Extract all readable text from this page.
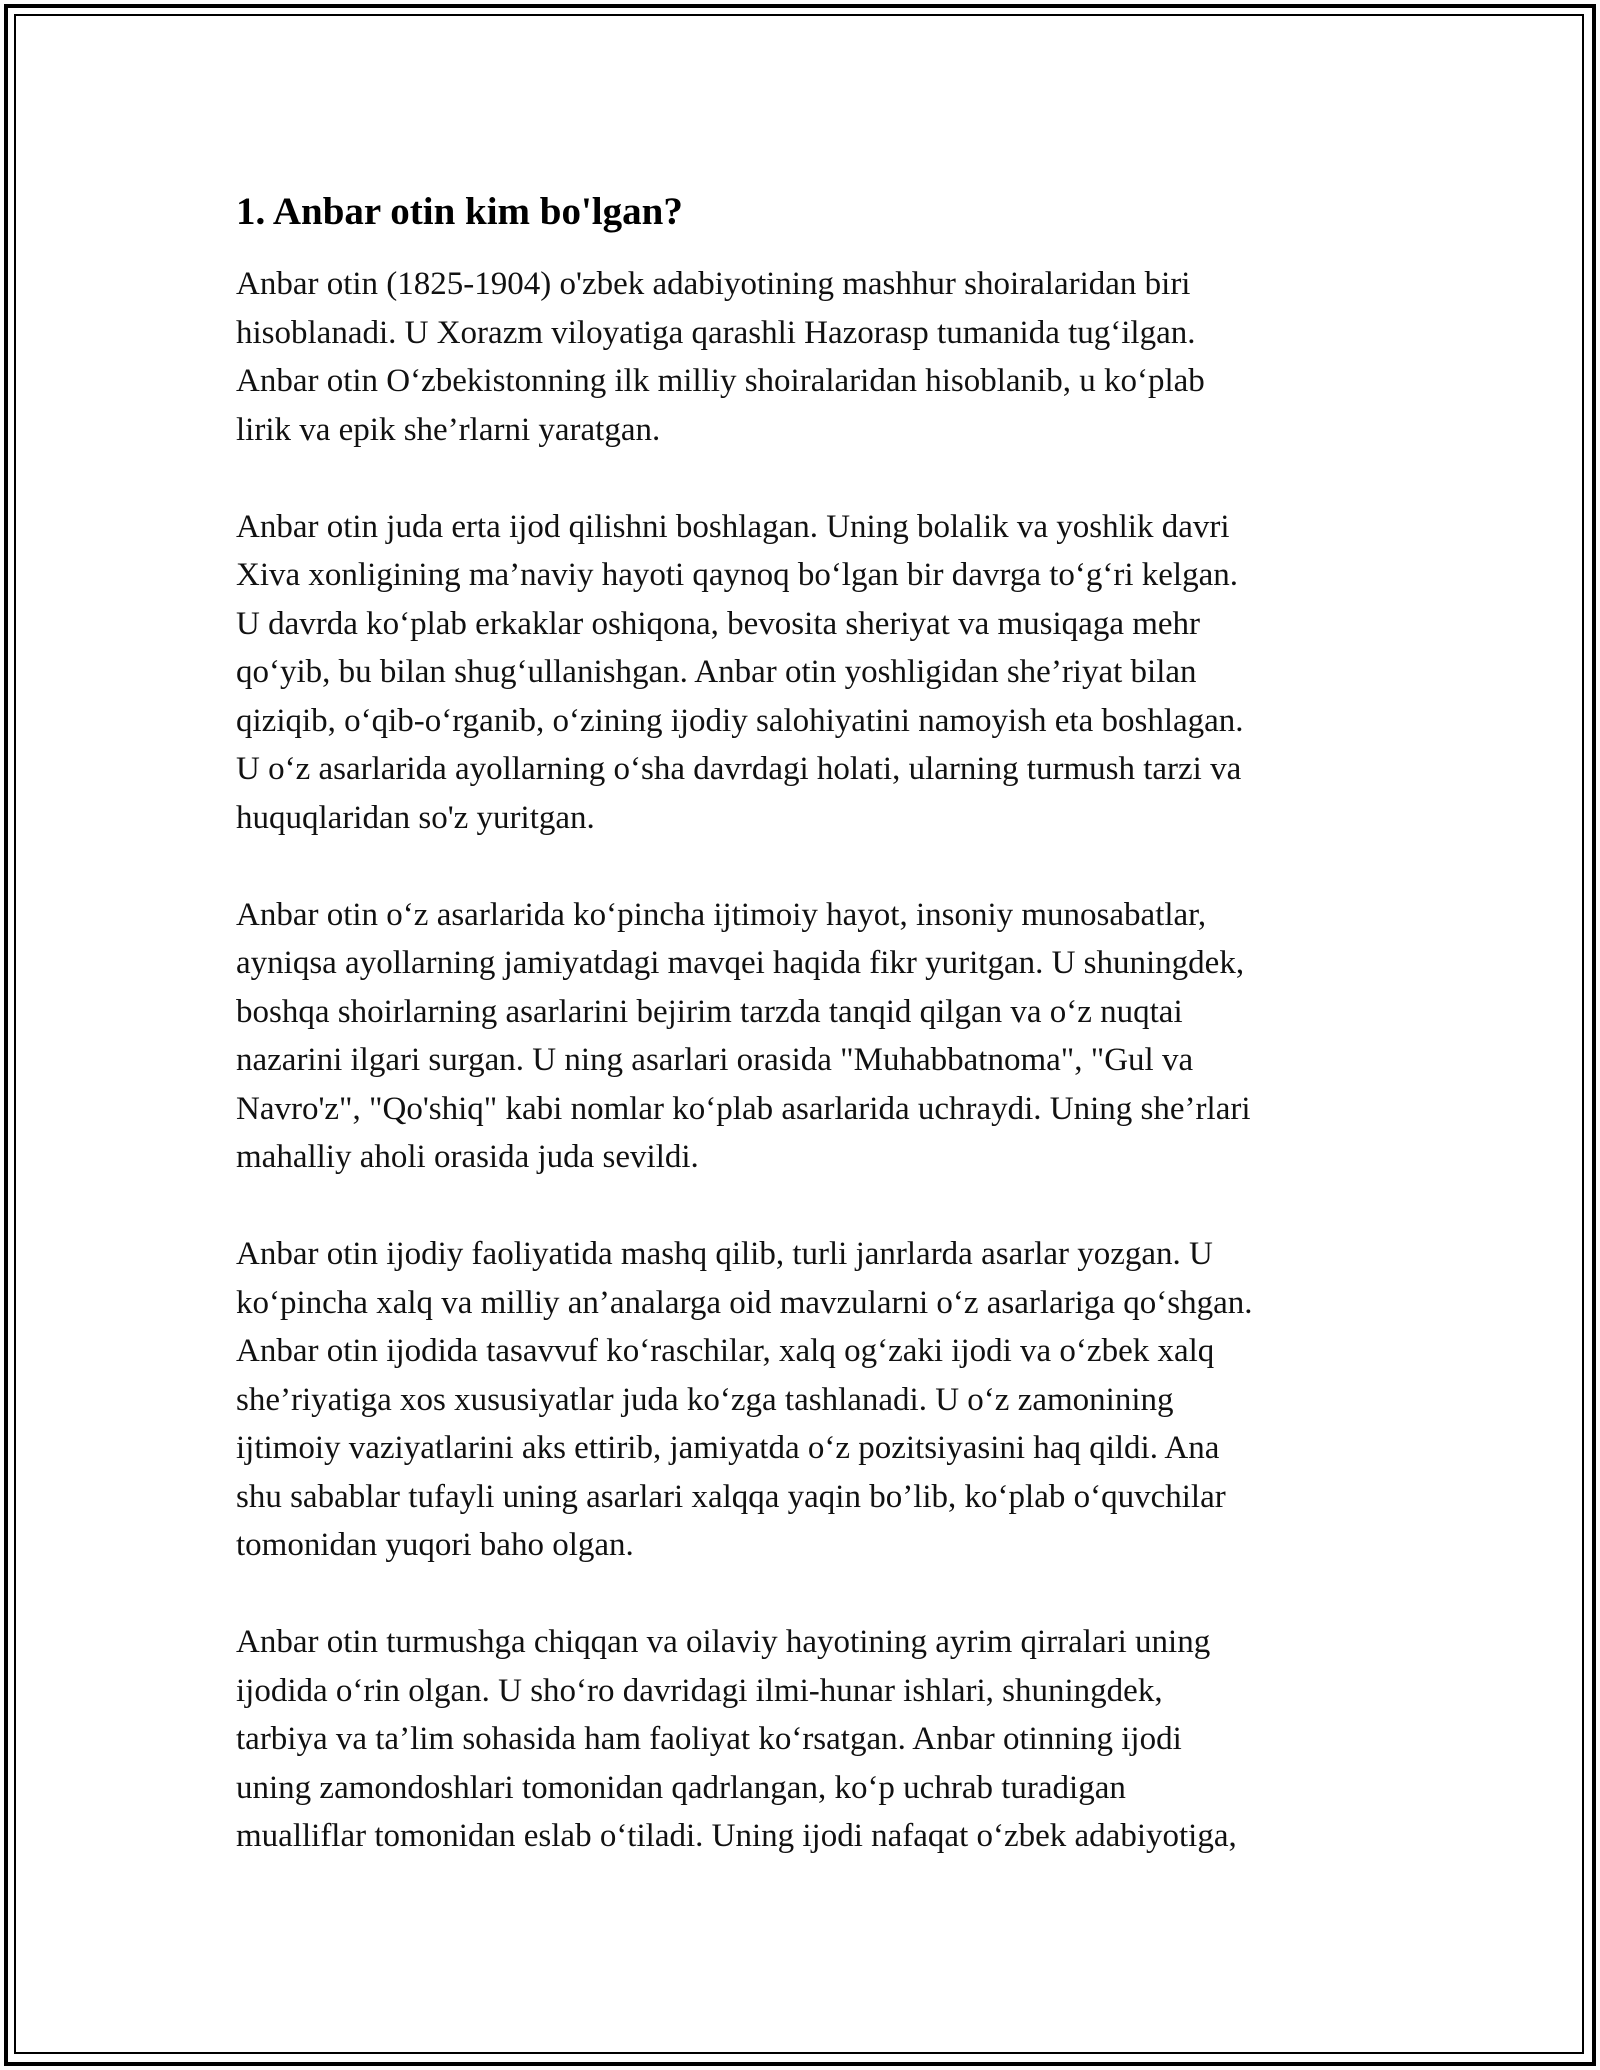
1. Anbar otin kim bo'lgan?
Anbar otin (1825-1904) o'zbek adabiyotining mashhur shoiralaridan biri
hisoblanadi. U Xorazm viloyatiga qarashli Hazorasp tumanida tug‘ilgan.
Anbar otin O‘zbekistonning ilk milliy shoiralaridan hisoblanib, u ko‘plab
lirik va epik she’rlarni yaratgan.
Anbar otin juda erta ijod qilishni boshlagan. Uning bolalik va yoshlik davri
Xiva xonligining ma’naviy hayoti qaynoq bo‘lgan bir davrga to‘g‘ri kelgan.
U davrda ko‘plab erkaklar oshiqona, bevosita sheriyat va musiqaga mehr
qo‘yib, bu bilan shug‘ullanishgan. Anbar otin yoshligidan she’riyat bilan
qiziqib, o‘qib-o‘rganib, o‘zining ijodiy salohiyatini namoyish eta boshlagan.
U o‘z asarlarida ayollarning o‘sha davrdagi holati, ularning turmush tarzi va
huquqlaridan so'z yuritgan.
Anbar otin o‘z asarlarida ko‘pincha ijtimoiy hayot, insoniy munosabatlar,
ayniqsa ayollarning jamiyatdagi mavqei haqida fikr yuritgan. U shuningdek,
boshqa shoirlarning asarlarini bejirim tarzda tanqid qilgan va o‘z nuqtai
nazarini ilgari surgan. U ning asarlari orasida "Muhabbatnoma", "Gul va
Navro'z", "Qo'shiq" kabi nomlar ko‘plab asarlarida uchraydi. Uning she’rlari
mahalliy aholi orasida juda sevildi.
Anbar otin ijodiy faoliyatida mashq qilib, turli janrlarda asarlar yozgan. U
ko‘pincha xalq va milliy an’analarga oid mavzularni o‘z asarlariga qo‘shgan.
Anbar otin ijodida tasavvuf ko‘raschilar, xalq og‘zaki ijodi va o‘zbek xalq
she’riyatiga xos xususiyatlar juda ko‘zga tashlanadi. U o‘z zamonining
ijtimoiy vaziyatlarini aks ettirib, jamiyatda o‘z pozitsiyasini haq qildi. Ana
shu sabablar tufayli uning asarlari xalqqa yaqin bo’lib, ko‘plab o‘quvchilar
tomonidan yuqori baho olgan.
Anbar otin turmushga chiqqan va oilaviy hayotining ayrim qirralari uning
ijodida o‘rin olgan. U sho‘ro davridagi ilmi-hunar ishlari, shuningdek,
tarbiya va ta’lim sohasida ham faoliyat ko‘rsatgan. Anbar otinning ijodi
uning zamondoshlari tomonidan qadrlangan, ko‘p uchrab turadigan
mualliflar tomonidan eslab o‘tiladi. Uning ijodi nafaqat o‘zbek adabiyotiga,
